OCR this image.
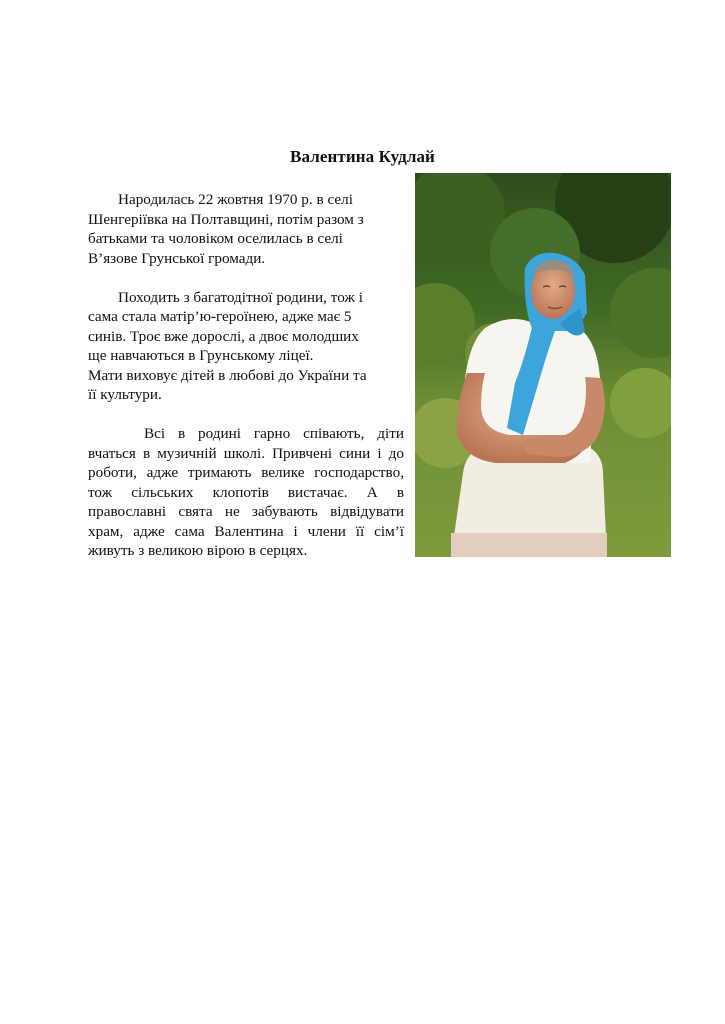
Валентина Кудлай
Народилась 22 жовтня 1970 р. в селі
Шенгеріївка на Полтавщині, потім разом з
батьками та чоловіком оселилась в селі
В’язове Грунської громади.
Походить з багатодітної родини, тож і
сама стала матір’ю-героїнею, адже має 5
синів. Троє вже дорослі, а двоє молодших
ще навчаються в Грунському ліцеї.
Мати виховує дітей в любові до України та
її культури.
Всі в родині гарно співають, діти вчаться в музичній школі. Привчені сини і до роботи, адже тримають велике господарство, тож сільських клопотів вистачає. А в православні свята не забувають відвідувати храм, адже сама Валентина і члени її сім’ї живуть з великою вірою в серцях.
